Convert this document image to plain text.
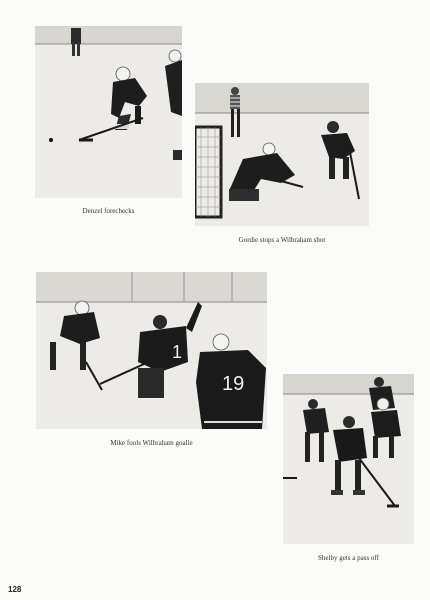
Denzel forechecks
Gordie stops a Wilbraham shot
1
19
Mike fools Wilbraham goalie
Shelby gets a pass off
128
